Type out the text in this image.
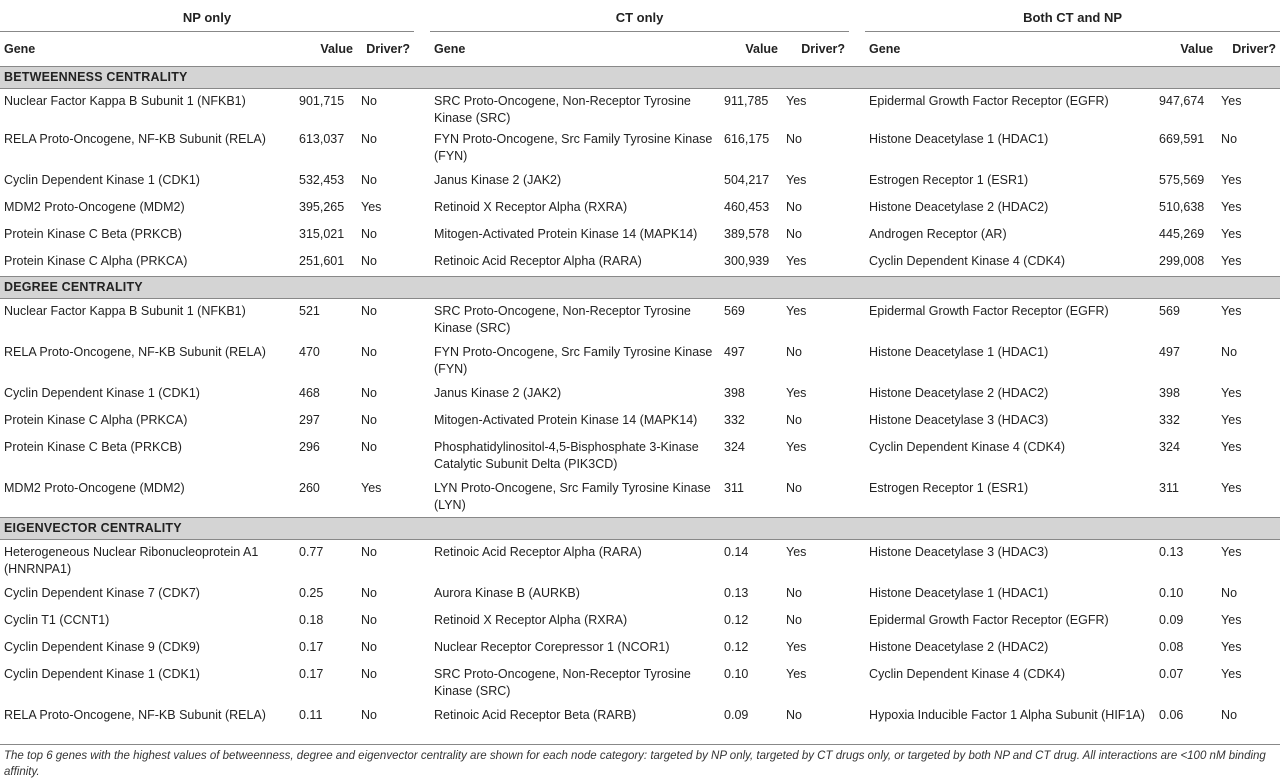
NP only				CT only				Both CT and NP		
Gene	Value	Driver?		Gene	Value	Driver?		Gene	Value	Driver?
BETWEENNESS CENTRALITY										
Nuclear Factor Kappa B Subunit 1 (NFKB1)	901,715	No		SRC Proto-Oncogene, Non-Receptor Tyrosine Kinase (SRC)	911,785	Yes		Epidermal Growth Factor Receptor (EGFR)	947,674	Yes
RELA Proto-Oncogene, NF-KB Subunit (RELA)	613,037	No		FYN Proto-Oncogene, Src Family Tyrosine Kinase (FYN)	616,175	No		Histone Deacetylase 1 (HDAC1)	669,591	No
Cyclin Dependent Kinase 1 (CDK1)	532,453	No		Janus Kinase 2 (JAK2)	504,217	Yes		Estrogen Receptor 1 (ESR1)	575,569	Yes
MDM2 Proto-Oncogene (MDM2)	395,265	Yes		Retinoid X Receptor Alpha (RXRA)	460,453	No		Histone Deacetylase 2 (HDAC2)	510,638	Yes
Protein Kinase C Beta (PRKCB)	315,021	No		Mitogen-Activated Protein Kinase 14 (MAPK14)	389,578	No		Androgen Receptor (AR)	445,269	Yes
Protein Kinase C Alpha (PRKCA)	251,601	No		Retinoic Acid Receptor Alpha (RARA)	300,939	Yes		Cyclin Dependent Kinase 4 (CDK4)	299,008	Yes
DEGREE CENTRALITY										
Nuclear Factor Kappa B Subunit 1 (NFKB1)	521	No		SRC Proto-Oncogene, Non-Receptor Tyrosine Kinase (SRC)	569	Yes		Epidermal Growth Factor Receptor (EGFR)	569	Yes
RELA Proto-Oncogene, NF-KB Subunit (RELA)	470	No		FYN Proto-Oncogene, Src Family Tyrosine Kinase (FYN)	497	No		Histone Deacetylase 1 (HDAC1)	497	No
Cyclin Dependent Kinase 1 (CDK1)	468	No		Janus Kinase 2 (JAK2)	398	Yes		Histone Deacetylase 2 (HDAC2)	398	Yes
Protein Kinase C Alpha (PRKCA)	297	No		Mitogen-Activated Protein Kinase 14 (MAPK14)	332	No		Histone Deacetylase 3 (HDAC3)	332	Yes
Protein Kinase C Beta (PRKCB)	296	No		Phosphatidylinositol-4,5-Bisphosphate 3-Kinase Catalytic Subunit Delta (PIK3CD)	324	Yes		Cyclin Dependent Kinase 4 (CDK4)	324	Yes
MDM2 Proto-Oncogene (MDM2)	260	Yes		LYN Proto-Oncogene, Src Family Tyrosine Kinase (LYN)	311	No		Estrogen Receptor 1 (ESR1)	311	Yes
EIGENVECTOR CENTRALITY										
Heterogeneous Nuclear Ribonucleoprotein A1 (HNRNPA1)	0.77	No		Retinoic Acid Receptor Alpha (RARA)	0.14	Yes		Histone Deacetylase 3 (HDAC3)	0.13	Yes
Cyclin Dependent Kinase 7 (CDK7)	0.25	No		Aurora Kinase B (AURKB)	0.13	No		Histone Deacetylase 1 (HDAC1)	0.10	No
Cyclin T1 (CCNT1)	0.18	No		Retinoid X Receptor Alpha (RXRA)	0.12	No		Epidermal Growth Factor Receptor (EGFR)	0.09	Yes
Cyclin Dependent Kinase 9 (CDK9)	0.17	No		Nuclear Receptor Corepressor 1 (NCOR1)	0.12	Yes		Histone Deacetylase 2 (HDAC2)	0.08	Yes
Cyclin Dependent Kinase 1 (CDK1)	0.17	No		SRC Proto-Oncogene, Non-Receptor Tyrosine Kinase (SRC)	0.10	Yes		Cyclin Dependent Kinase 4 (CDK4)	0.07	Yes
RELA Proto-Oncogene, NF-KB Subunit (RELA)	0.11	No		Retinoic Acid Receptor Beta (RARB)	0.09	No		Hypoxia Inducible Factor 1 Alpha Subunit (HIF1A)	0.06	No
The top 6 genes with the highest values of betweenness, degree and eigenvector centrality are shown for each node category: targeted by NP only, targeted by CT drugs only, or targeted by both NP and CT drug. All interactions are <100 nM binding affinity.
